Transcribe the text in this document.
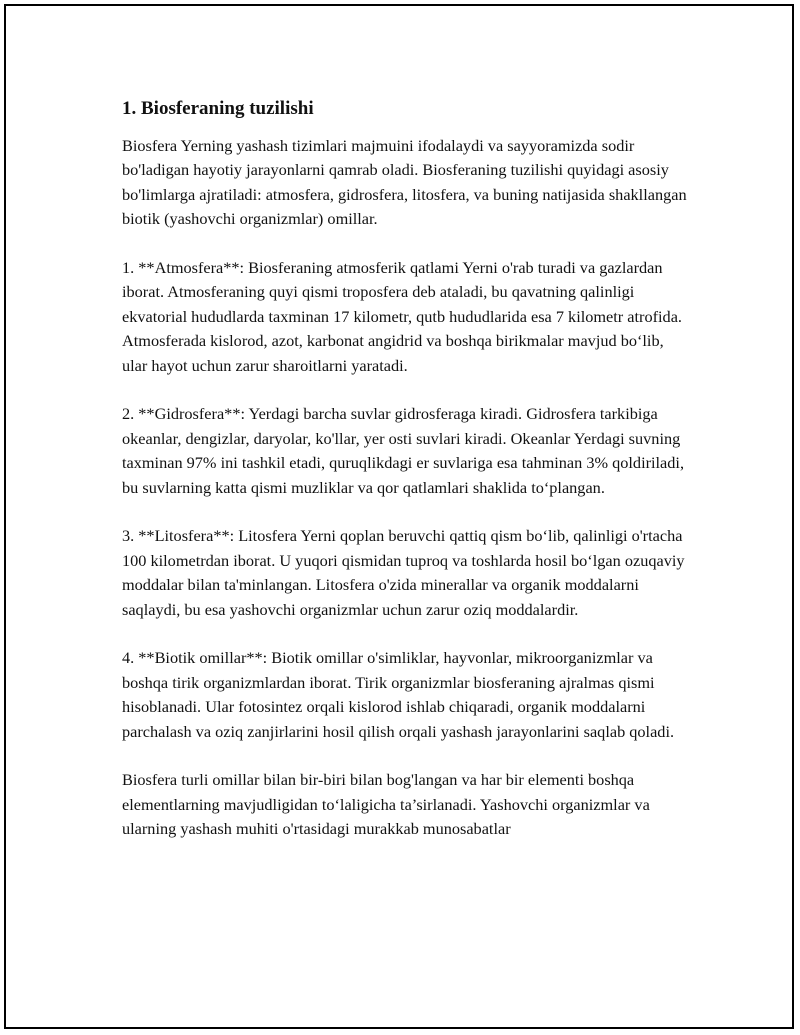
1. Biosferaning tuzilishi

Biosfera Yerning yashash tizimlari majmuini ifodalaydi va sayyoramizda sodir bo'ladigan hayotiy jarayonlarni qamrab oladi. Biosferaning tuzilishi quyidagi asosiy bo'limlarga ajratiladi: atmosfera, gidrosfera, litosfera, va buning natijasida shakllangan biotik (yashovchi organizmlar) omillar.

1. **Atmosfera**: Biosferaning atmosferik qatlami Yerni o'rab turadi va gazlardan iborat. Atmosferaning quyi qismi troposfera deb ataladi, bu qavatning qalinligi ekvatorial hududlarda taxminan 17 kilometr, qutb hududlarida esa 7 kilometr atrofida. Atmosferada kislorod, azot, karbonat angidrid va boshqa birikmalar mavjud bo‘lib, ular hayot uchun zarur sharoitlarni yaratadi.

2. **Gidrosfera**: Yerdagi barcha suvlar gidrosferaga kiradi. Gidrosfera tarkibiga okeanlar, dengizlar, daryolar, ko'llar, yer osti suvlari kiradi. Okeanlar Yerdagi suvning taxminan 97% ini tashkil etadi, quruqlikdagi er suvlariga esa tahminan 3% qoldiriladi, bu suvlarning katta qismi muzliklar va qor qatlamlari shaklida to‘plangan.

3. **Litosfera**: Litosfera Yerni qoplan beruvchi qattiq qism bo‘lib, qalinligi o'rtacha 100 kilometrdan iborat. U yuqori qismidan tuproq va toshlarda hosil bo‘lgan ozuqaviy moddalar bilan ta'minlangan. Litosfera o'zida minerallar va organik moddalarni saqlaydi, bu esa yashovchi organizmlar uchun zarur oziq moddalardir.

4. **Biotik omillar**: Biotik omillar o'simliklar, hayvonlar, mikroorganizmlar va boshqa tirik organizmlardan iborat. Tirik organizmlar biosferaning ajralmas qismi hisoblanadi. Ular fotosintez orqali kislorod ishlab chiqaradi, organik moddalarni parchalash va oziq zanjirlarini hosil qilish orqali yashash jarayonlarini saqlab qoladi.

Biosfera turli omillar bilan bir-biri bilan bog'langan va har bir elementi boshqa elementlarning mavjudligidan to‘laligicha ta’sirlanadi. Yashovchi organizmlar va ularning yashash muhiti o'rtasidagi murakkab munosabatlar
